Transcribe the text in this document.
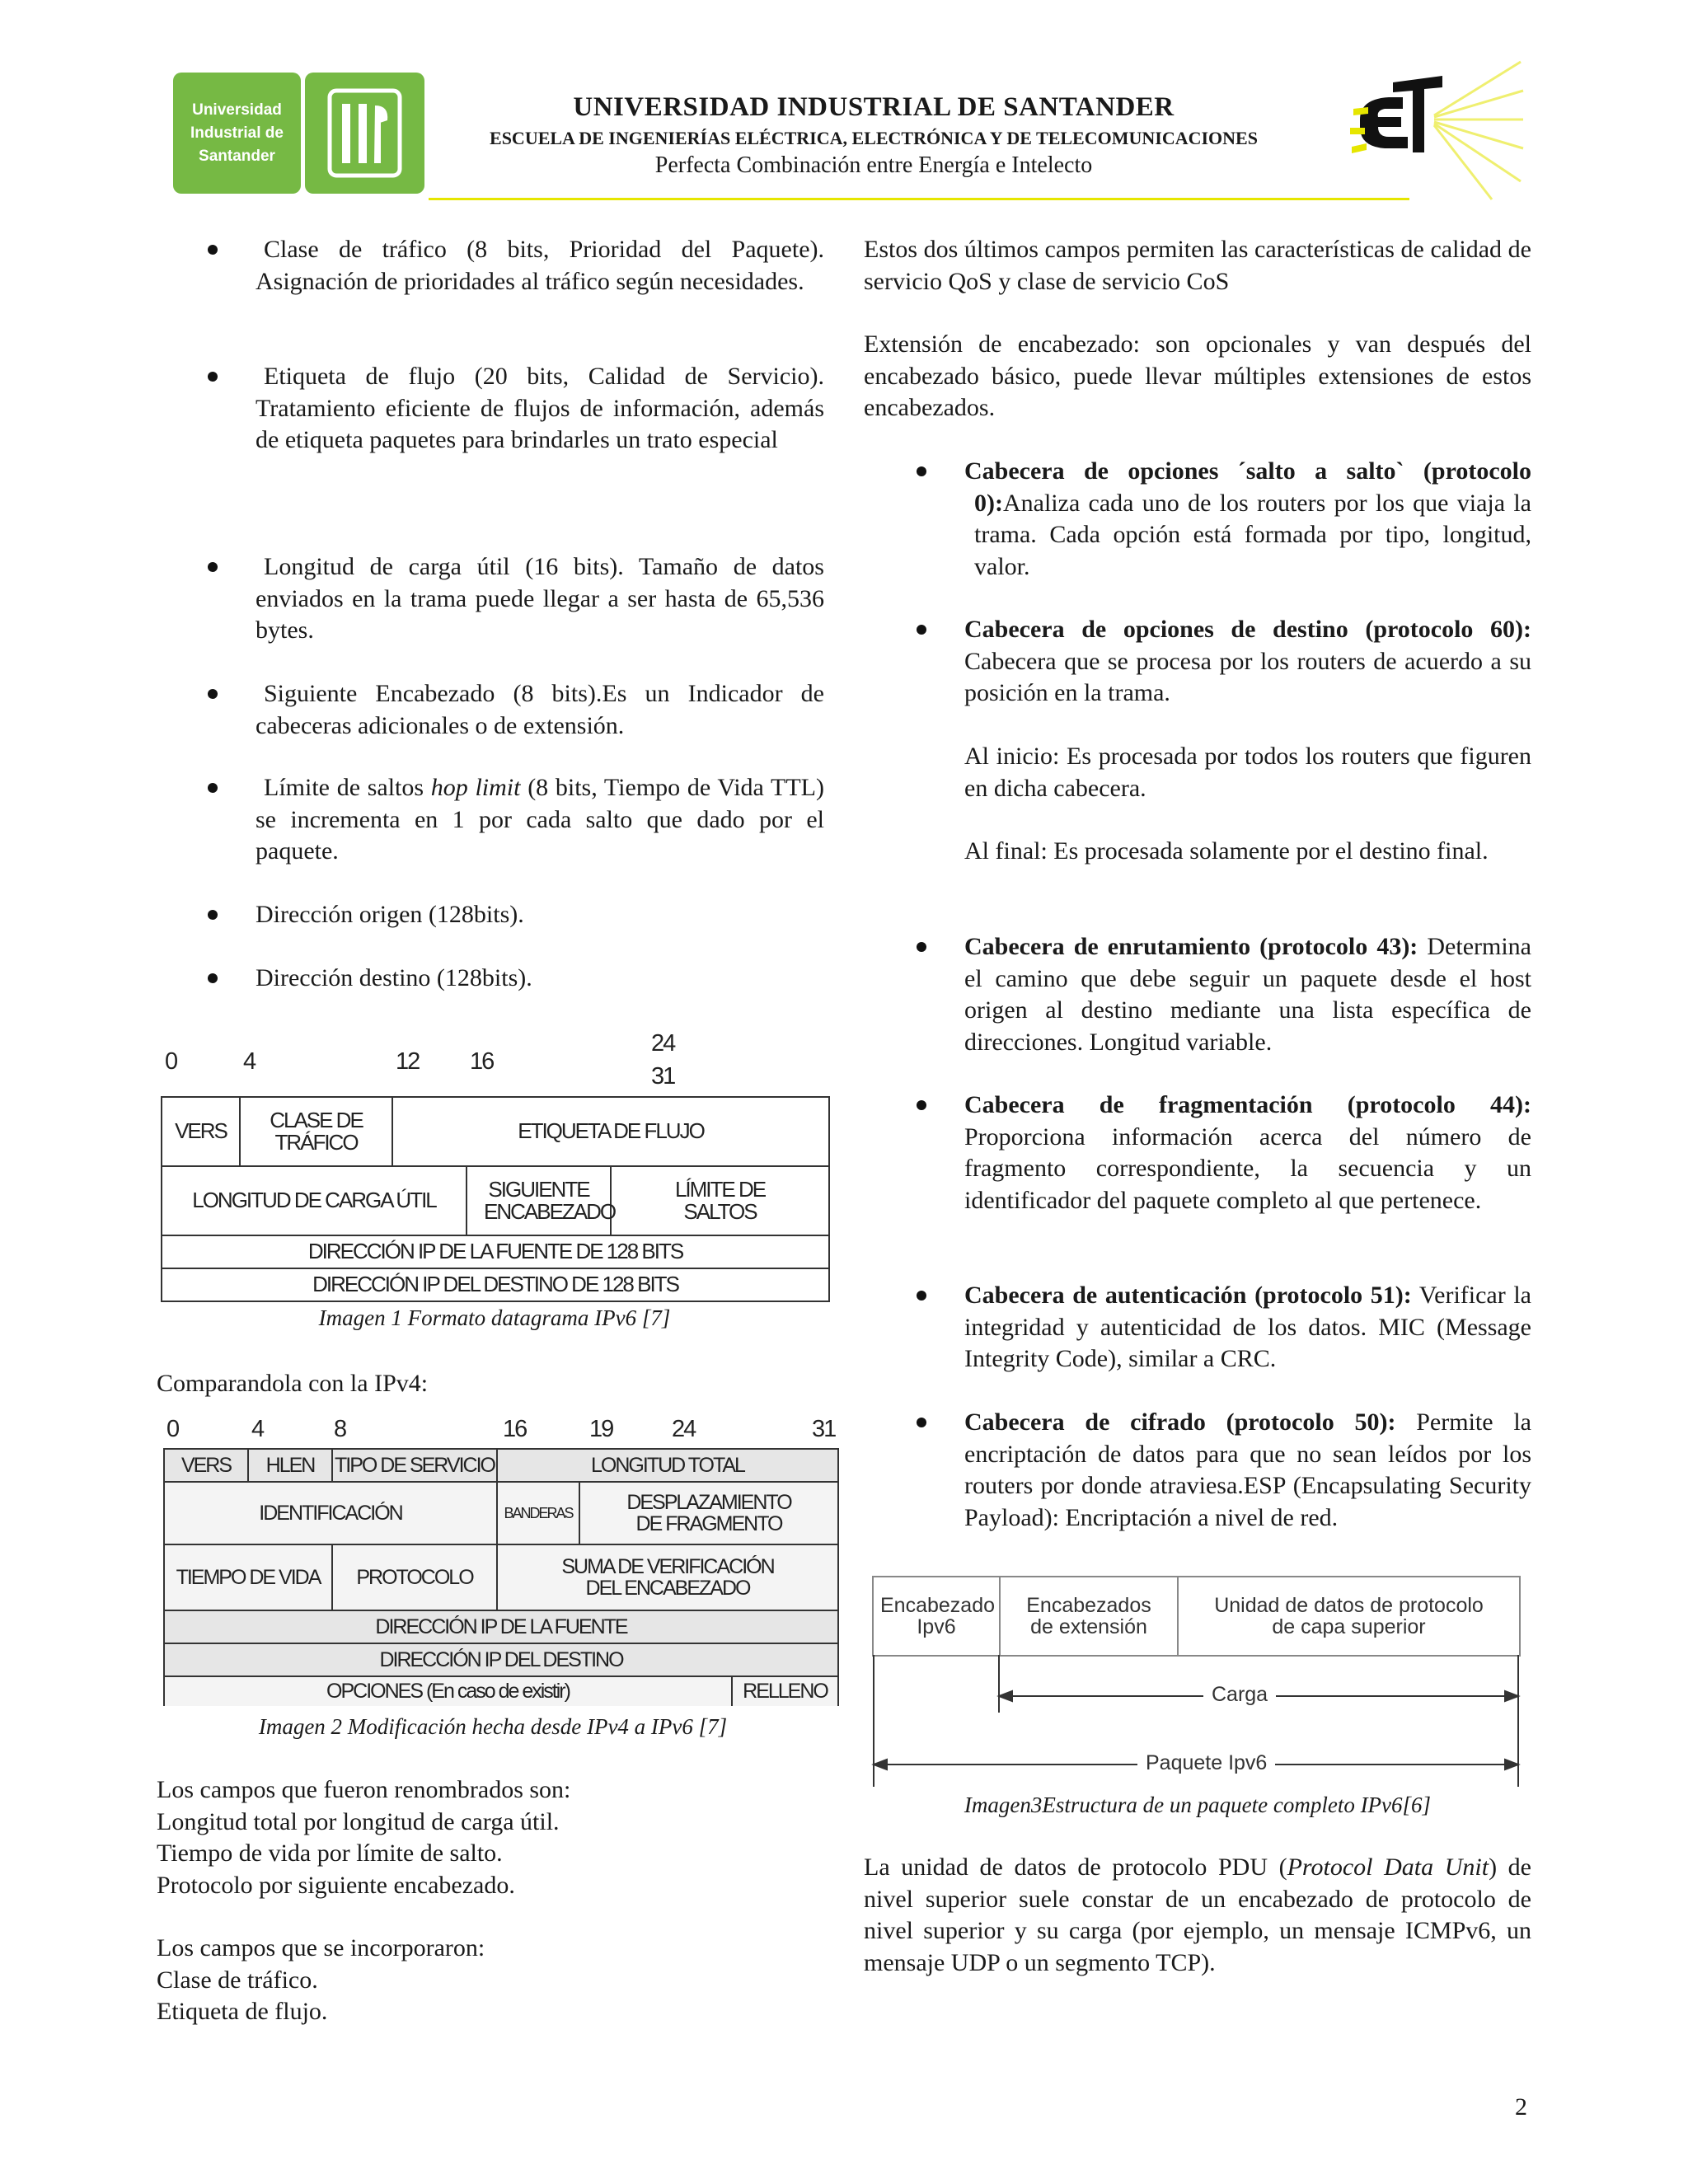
Universidad
Industrial de
Santander
UNIVERSIDAD INDUSTRIAL DE SANTANDER
ESCUELA DE INGENIERÍAS ELÉCTRICA, ELECTRÓNICA Y DE TELECOMUNICACIONES
Perfecta Combinación entre Energía e Intelecto
Clase de tráfico (8 bits, Prioridad del Paquete). Asignación de prioridades al tráfico según necesidades.
Etiqueta de flujo (20 bits, Calidad de Servicio). Tratamiento eficiente de flujos de información, además de etiqueta paquetes para brindarles un trato especial
Longitud de carga útil (16 bits). Tamaño de datos enviados en la trama puede llegar a ser hasta de 65,536 bytes.
Siguiente Encabezado (8 bits).Es un Indicador de cabeceras adicionales o de extensión.
Límite de saltos hop limit (8 bits, Tiempo de Vida TTL) se incrementa en 1 por cada salto que dado por el paquete.
Dirección origen (128bits).
Dirección destino (128bits).
0	4	12 16
24
31
VERS	CLASE DE TRÁFICO	ETIQUETA DE FLUJO		
LONGITUD DE CARGA ÚTIL			SIGUIENTE ENCABEZADO	LÍMITE DE SALTOS
DIRECCIÓN IP DE LA FUENTE DE 128 BITS				
DIRECCIÓN IP DEL DESTINO DE 128 BITS				
Imagen 1 Formato datagrama IPv6 [7]
Comparandola con la IPv4:
0	4	8	16	19 24	31
VERS	HLEN	TIPO DE SERVICIO	LONGITUD TOTAL		
IDENTIFICACIÓN			BANDERAS	DESPLAZAMIENTO DE FRAGMENTO	
TIEMPO DE VIDA		PROTOCOLO	SUMA DE VERIFICACIÓN DEL ENCABEZADO		
DIRECCIÓN IP DE LA FUENTE					
DIRECCIÓN IP DEL DESTINO					
OPCIONES (En caso de existir)					RELLENO
Imagen 2 Modificación hecha desde IPv4 a IPv6 [7]
Los campos que fueron renombrados son:
Longitud total por longitud de carga útil.
Tiempo de vida por límite de salto.
Protocolo por siguiente encabezado.
Los campos que se incorporaron:
Clase de tráfico.
Etiqueta de flujo.
Estos dos últimos campos permiten las características de calidad de servicio QoS y clase de servicio CoS
Extensión de encabezado: son opcionales y van después del encabezado básico, puede llevar múltiples extensiones de estos encabezados.
Cabecera de opciones ´salto a salto` (protocolo 0):Analiza cada uno de los routers por los que viaja la trama. Cada opción está formada por tipo, longitud, valor.
Cabecera de opciones de destino (protocolo 60): Cabecera que se procesa por los routers de acuerdo a su posición en la trama.
Al inicio: Es procesada por todos los routers que figuren en dicha cabecera.
Al final: Es procesada solamente por el destino final.
Cabecera de enrutamiento (protocolo 43): Determina el camino que debe seguir un paquete desde el host origen al destino mediante una lista específica de direcciones. Longitud variable.
Cabecera de fragmentación (protocolo 44): Proporciona información acerca del número de fragmento correspondiente, la secuencia y un identificador del paquete completo al que pertenece.
Cabecera de autenticación (protocolo 51): Verificar la integridad y autenticidad de los datos. MIC (Message Integrity Code), similar a CRC.
Cabecera de cifrado (protocolo 50): Permite la encriptación de datos para que no sean leídos por los routers por donde atraviesa.ESP (Encapsulating Security Payload): Encriptación a nivel de red.
Encabezado Ipv6	Encabezados de extensión	Unidad de datos de protocolo de capa superior
Carga
Paquete Ipv6
Imagen3Estructura de un paquete completo IPv6[6]
La unidad de datos de protocolo PDU (Protocol Data Unit) de nivel superior suele constar de un encabezado de protocolo de nivel superior y su carga (por ejemplo, un mensaje ICMPv6, un mensaje UDP o un segmento TCP).
2
